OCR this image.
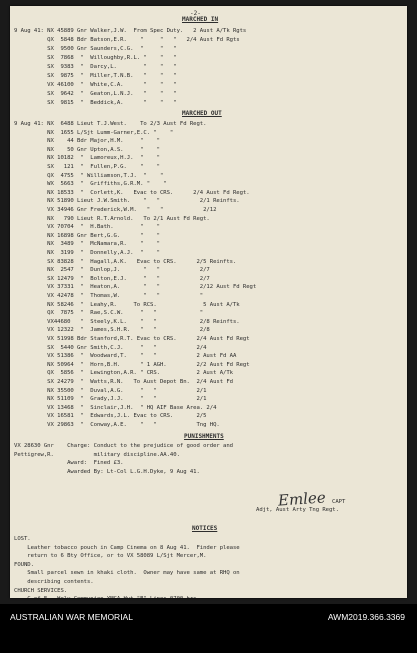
-2-
MARCHED IN
9 Aug 41: NX 45889 Gnr Walker,J.W.  From Spec Duty.   2 Aust A/Tk Rgts
QX  5848 Bdr Batson,E.R.    "     "   "   2/4 Aust Fd Rgts
SX  9500 Gnr Saunders,C.G.  "     "   "
SX  7868  "  Willoughby,R.L. "    "   "
SX  9383  "  Darcy,L.        "    "   "
SX  9875  "  Miller,T.N.B.   "    "   "
VX 46100  "  White,C.A.      "    "   "
SX  9642  "  Geaton,L.N.J.   "    "   "
SX  9815  "  Beddick,A.      "    "   "
MARCHED OUT
9 Aug 41: NX  6488 Lieut T.J.West.    To 2/3 Aust Fd Regt.
NX  1655 L/Sjt Lumm-Garner,E.C. "    "
NX    44 Bdr Major,H.M.     "    "
NX    50 Gnr Upton,A.S.     "    "
NX 10182  "  Lamoreux,H.J.  "    "
SX   121  "  Fullen,P.G.    "    "
QX  4755  " Williamson,T.J.  "    "
WX  5663  "  Griffiths,G.R.M. "    "
NX 18533  "  Corlett,K.   Evac to CRS.      2/4 Aust Fd Regt.
NX 51890 Lieut J.W.Smith.    "   "            2/1 Reinfts.
VX 34946 Gnr Frederick,W.M.   "   "            2/12
NX   790 Lieut R.T.Arnold.   To 2/1 Aust Fd Regt.
VX 70704  "  H.Bath.        "    "
NX 16898 Gnr Bert,G.G.      "    "
NX  3489  "  McNamara,R.    "    "
NX  3199  "  Donnelly,A.J.  "    "
SX 83828  "  Hagall,A.K.   Evac to CRS.      2/5 Reinfts.
NX  2547  "  Dunlop,J.       "   "            2/7
SX 12479  "  Bolton,E.J.     "   "            2/7
VX 37331  "  Heaton,A.       "   "            2/12 Aust Fd Regt
VX 42478  "  Thomas,W.       "   "            "
NX 58246  "  Leahy,R.     To RCS.              5 Aust A/Tk
QX  7875  "  Rae,S.C.W.     "   "             "
VX44680   "  Steely,K.L.    "   "             2/8 Reinfts.
VX 12322  "  James,S.H.R.   "   "             2/8
VX 51998 Bdr Stanford,R.T. Evac to CRS.      2/4 Aust Fd Regt
SX  5440 Gnr Smith,C.J.     "   "            2/4
VX 51386  "  Woodward,T.    "   "            2 Aust Fd AA
NX 50964  "  Horn,B.H.      " 1 AGH.         2/2 Aust Fd Regt
QX  5856  "  Lewington,A.R. " CRS.           2 Aust A/Tk
SX 24279  "  Watts,R.N.   To Aust Depot Bn.  2/4 Aust Fd
NX 35500  "  Duval,A.G.     "   "            2/1
NX 51109  "  Grady,J.J.     "   "            2/1
VX 13468  "  Sinclair,J.H.  " HQ AIF Base Area. 2/4
VX 16581  "  Edwards,J.L. Evac to CRS.       2/5
VX 29863  "  Conway,A.E.    "   "            Tng HQ.
PUNISHMENTS
VX 28630 Gnr    Charge: Conduct to the prejudice of good order and
Pettigrew,R.            military discipline.AA.40.
Award:  Fined £3.
Awarded By: Lt-Col L.G.H.Dyke, 9 Aug 41.
Emlee CAPT
Adjt, Aust Arty Tng Regt.
NOTICES
LOST.
Leather tobacco pouch in Camp Cinema on 8 Aug 41.  Finder please
return to 6 Bty Office, or to VX 58089 L/Sjt Mercer,M.
FOUND.
Small parcel sewn in khaki cloth.  Owner may have same at RHQ on
describing contents.
CHURCH SERVICES.
AUSTRALIAN WAR MEMORIAL	AWM2019.366.3369
